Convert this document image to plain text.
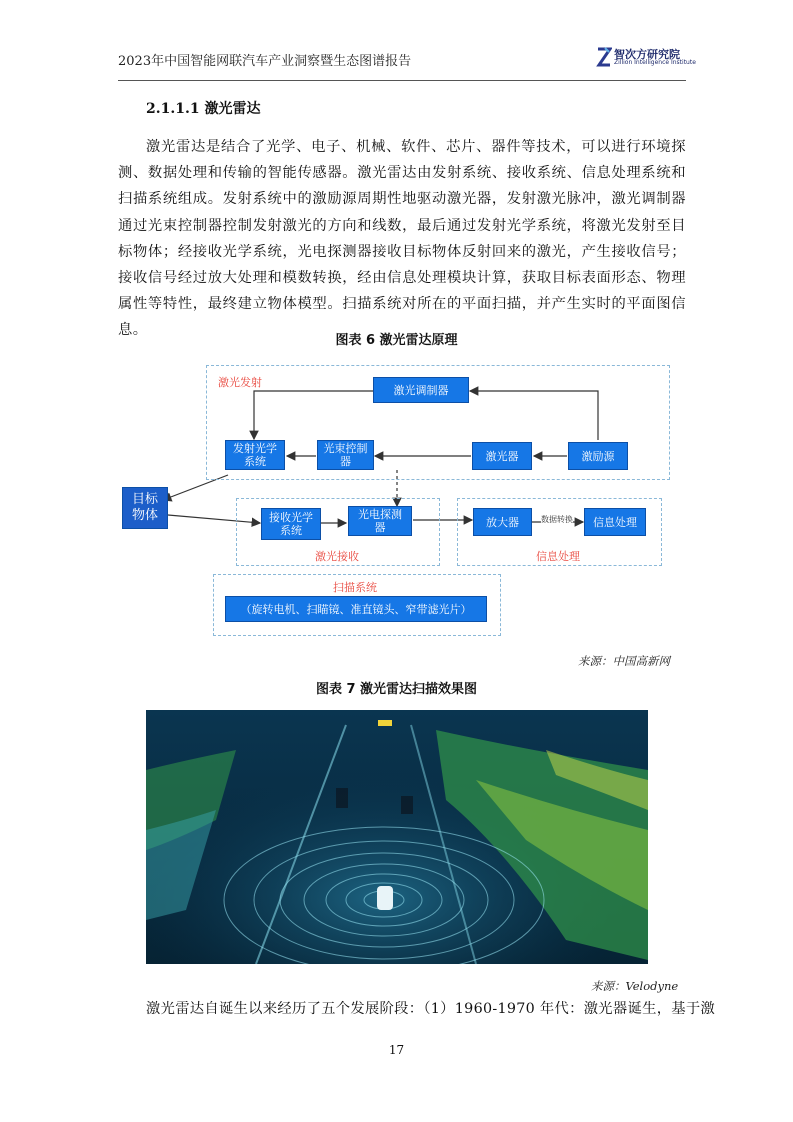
2023年中国智能网联汽车产业洞察暨生态图谱报告	智次方研究院
Zillion Intelligence Institute
2.1.1.1 激光雷达
激光雷达是结合了光学、电子、机械、软件、芯片、器件等技术，可以进行环境探测、数据处理和传输的智能传感器。激光雷达由发射系统、接收系统、信息处理系统和扫描系统组成。发射系统中的激励源周期性地驱动激光器，发射激光脉冲，激光调制器通过光束控制器控制发射激光的方向和线数，最后通过发射光学系统，将激光发射至目标物体；经接收光学系统，光电探测器接收目标物体反射回来的激光，产生接收信号；接收信号经过放大处理和模数转换，经由信息处理模块计算，获取目标表面形态、物理属性等特性，最终建立物体模型。扫描系统对所在的平面扫描，并产生实时的平面图信息。
图表 6 激光雷达原理
激光发射
激光接收	信息处理
扫描系统
激光调制器
发射光学
系统
光束控制
器	激光器	激励源
目标
物体	接收光学
系统
光电探测
器	放大器	数据转换 信息处理
（旋转电机、扫瞄镜、准直镜头、窄带滤光片）
来源：中国高新网
图表 7 激光雷达扫描效果图
来源：Velodyne
激光雷达自诞生以来经历了五个发展阶段：（1）1960-1970 年代：激光器诞生，基于激
17
